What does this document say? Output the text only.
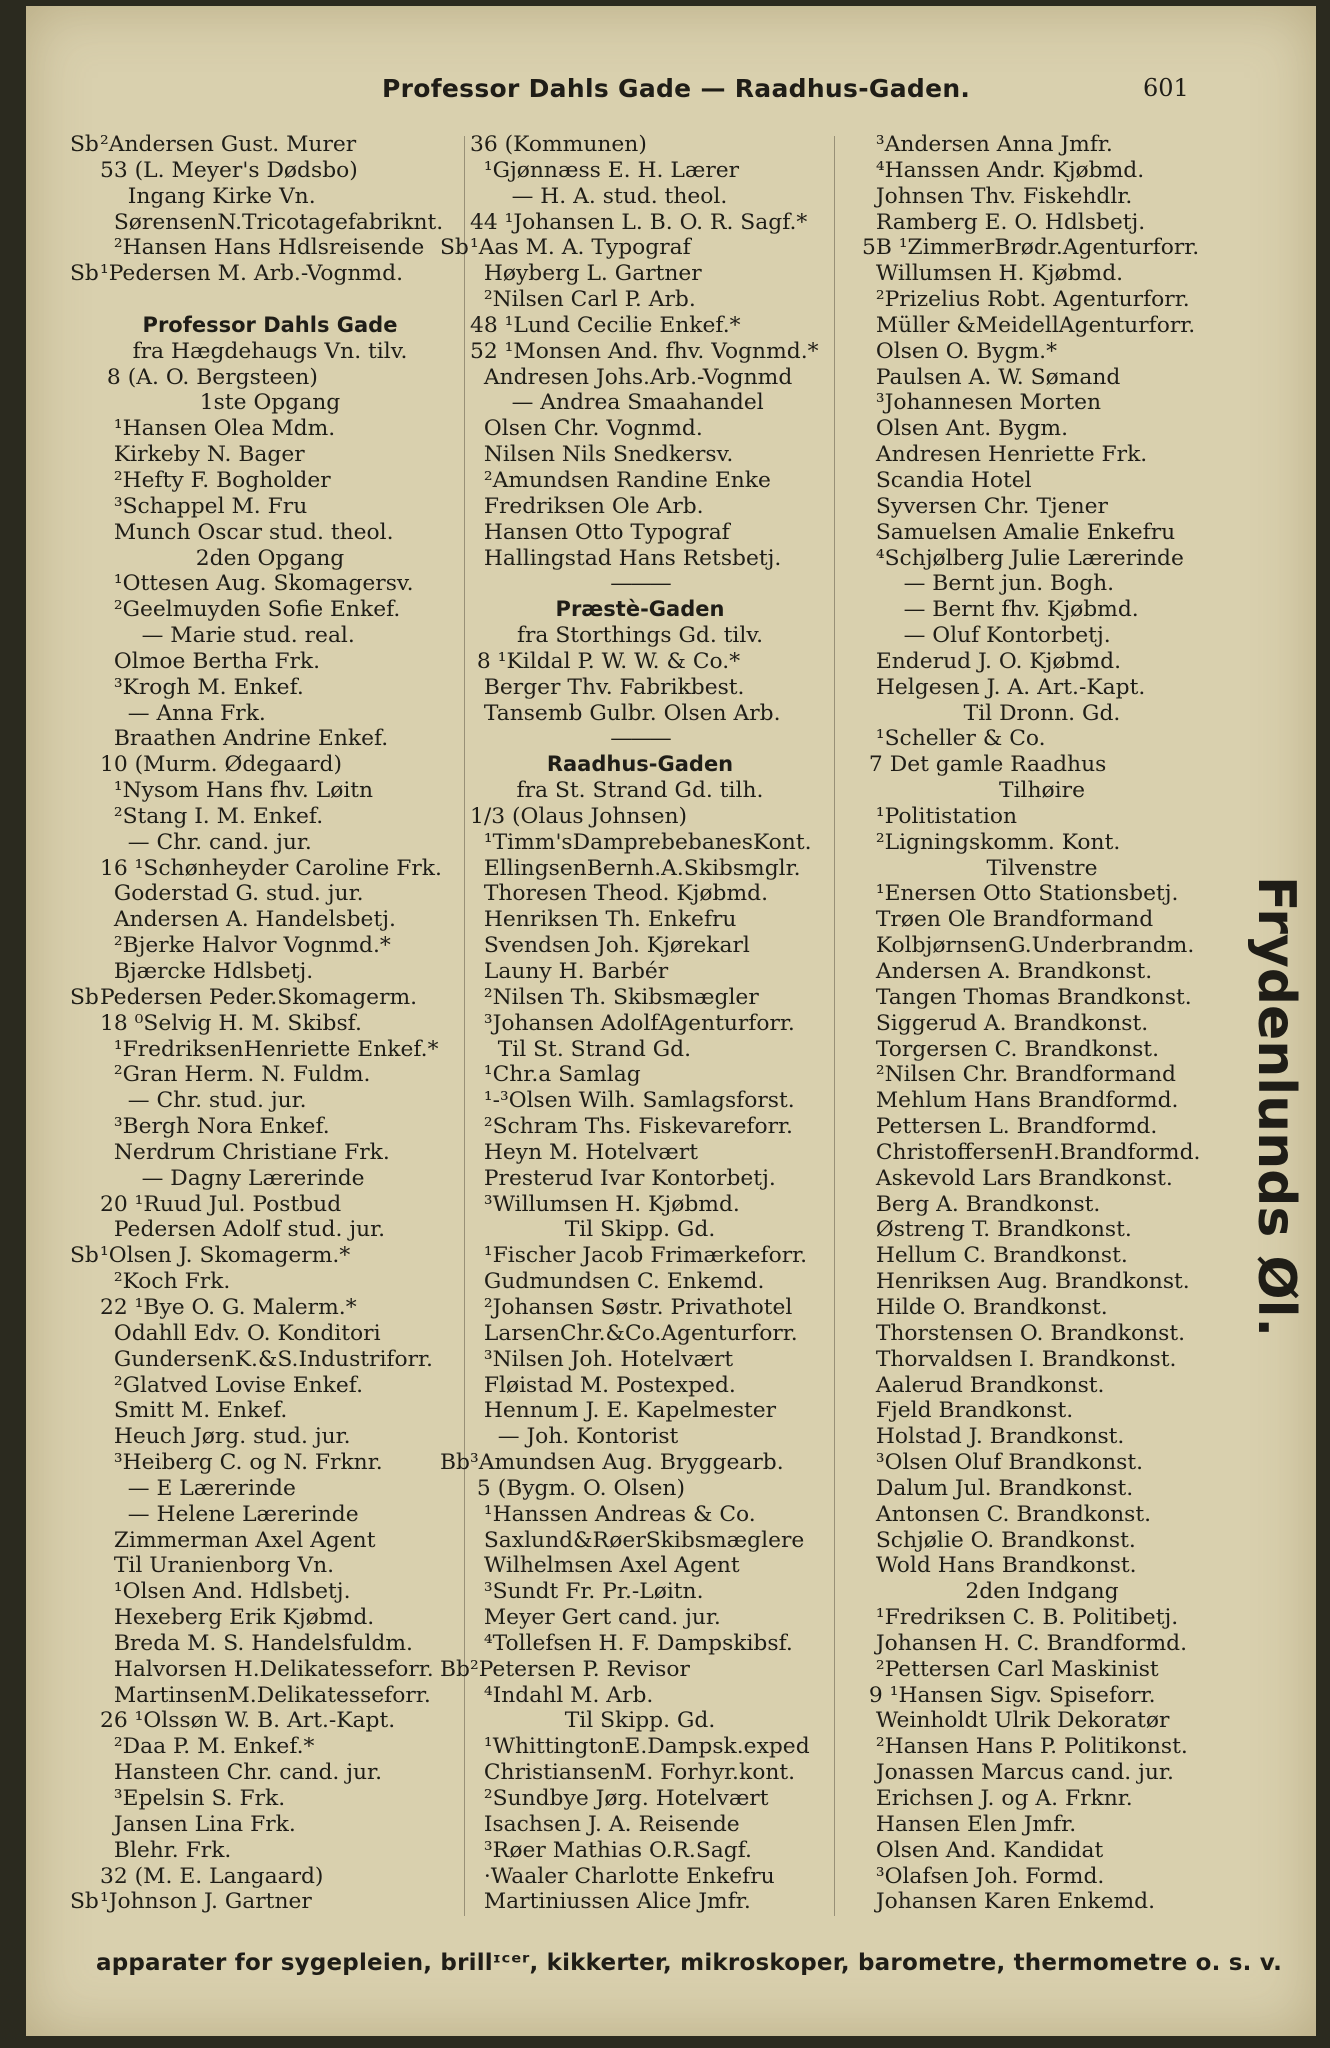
Professor Dahls Gade — Raadhus-Gaden.	601
Sb²Andersen Gust. Murer
53 (L. Meyer's Dødsbo)
Ingang Kirke Vn.
SørensenN.Tricotagefabriknt.
²Hansen Hans Hdlsreisende
Sb¹Pedersen M. Arb.-Vognmd.
Professor Dahls Gade
fra Hægdehaugs Vn. tilv.
8 (A. O. Bergsteen)
1ste Opgang
¹Hansen Olea Mdm.
Kirkeby N. Bager
²Hefty F. Bogholder
³Schappel M. Fru
Munch Oscar stud. theol.
2den Opgang
¹Ottesen Aug. Skomagersv.
²Geelmuyden Sofie Enkef.
— Marie stud. real.
Olmoe Bertha Frk.
³Krogh M. Enkef.
— Anna Frk.
Braathen Andrine Enkef.
10 (Murm. Ødegaard)
¹Nysom Hans fhv. Løitn
²Stang I. M. Enkef.
— Chr. cand. jur.
16 ¹Schønheyder Caroline Frk.
Goderstad G. stud. jur.
Andersen A. Handelsbetj.
²Bjerke Halvor Vognmd.*
Bjærcke Hdlsbetj.
SbPedersen Peder.Skomagerm.
18 ⁰Selvig H. M. Skibsf.
¹FredriksenHenriette Enkef.*
²Gran Herm. N. Fuldm.
— Chr. stud. jur.
³Bergh Nora Enkef.
Nerdrum Christiane Frk.
— Dagny Lærerinde
20 ¹Ruud Jul. Postbud
Pedersen Adolf stud. jur.
Sb¹Olsen J. Skomagerm.*
²Koch Frk.
22 ¹Bye O. G. Malerm.*
Odahll Edv. O. Konditori
GundersenK.&S.Industriforr.
²Glatved Lovise Enkef.
Smitt M. Enkef.
Heuch Jørg. stud. jur.
³Heiberg C. og N. Frknr.
— E Lærerinde
— Helene Lærerinde
Zimmerman Axel Agent
Til Uranienborg Vn.
¹Olsen And. Hdlsbetj.
Hexeberg Erik Kjøbmd.
Breda M. S. Handelsfuldm.
Halvorsen H.Delikatesseforr.
MartinsenM.Delikatesseforr.
26 ¹Olssøn W. B. Art.-Kapt.
²Daa P. M. Enkef.*
Hansteen Chr. cand. jur.
³Epelsin S. Frk.
Jansen Lina Frk.
Blehr. Frk.
32 (M. E. Langaard)
Sb¹Johnson J. Gartner
36 (Kommunen)
¹Gjønnæss E. H. Lærer
— H. A. stud. theol.
44 ¹Johansen L. B. O. R. Sagf.*
Sb¹Aas M. A. Typograf
Høyberg L. Gartner
²Nilsen Carl P. Arb.
48 ¹Lund Cecilie Enkef.*
52 ¹Monsen And. fhv. Vognmd.*
Andresen Johs.Arb.-Vognmd
— Andrea Smaahandel
Olsen Chr. Vognmd.
Nilsen Nils Snedkersv.
²Amundsen Randine Enke
Fredriksen Ole Arb.
Hansen Otto Typograf
Hallingstad Hans Retsbetj.
———
Præstè-Gaden
fra Storthings Gd. tilv.
8 ¹Kildal P. W. W. & Co.*
Berger Thv. Fabrikbest.
Tansemb Gulbr. Olsen Arb.
———
Raadhus-Gaden
fra St. Strand Gd. tilh.
1/3 (Olaus Johnsen)
¹Timm'sDamprebebanesKont.
EllingsenBernh.A.Skibsmglr.
Thoresen Theod. Kjøbmd.
Henriksen Th. Enkefru
Svendsen Joh. Kjørekarl
Launy H. Barbér
²Nilsen Th. Skibsmægler
³Johansen AdolfAgenturforr.
Til St. Strand Gd.
¹Chr.a Samlag
¹-³Olsen Wilh. Samlagsforst.
²Schram Ths. Fiskevareforr.
Heyn M. Hotelvært
Presterud Ivar Kontorbetj.
³Willumsen H. Kjøbmd.
Til Skipp. Gd.
¹Fischer Jacob Frimærkeforr.
Gudmundsen C. Enkemd.
²Johansen Søstr. Privathotel
LarsenChr.&Co.Agenturforr.
³Nilsen Joh. Hotelvært
Fløistad M. Postexped.
Hennum J. E. Kapelmester
— Joh. Kontorist
Bb³Amundsen Aug. Bryggearb.
5 (Bygm. O. Olsen)
¹Hanssen Andreas & Co.
Saxlund&RøerSkibsmæglere
Wilhelmsen Axel Agent
³Sundt Fr. Pr.-Løitn.
Meyer Gert cand. jur.
⁴Tollefsen H. F. Dampskibsf.
Bb²Petersen P. Revisor
⁴Indahl M. Arb.
Til Skipp. Gd.
¹WhittingtonE.Dampsk.exped
ChristiansenM. Forhyr.kont.
²Sundbye Jørg. Hotelvært
Isachsen J. A. Reisende
³Røer Mathias O.R.Sagf.
·Waaler Charlotte Enkefru
Martiniussen Alice Jmfr.
³Andersen Anna Jmfr.
⁴Hanssen Andr. Kjøbmd.
Johnsen Thv. Fiskehdlr.
Ramberg E. O. Hdlsbetj.
5B ¹ZimmerBrødr.Agenturforr.
Willumsen H. Kjøbmd.
²Prizelius Robt. Agenturforr.
Müller &MeidellAgenturforr.
Olsen O. Bygm.*
Paulsen A. W. Sømand
³Johannesen Morten
Olsen Ant. Bygm.
Andresen Henriette Frk.
Scandia Hotel
Syversen Chr. Tjener
Samuelsen Amalie Enkefru
⁴Schjølberg Julie Lærerinde
— Bernt jun. Bogh.
— Bernt fhv. Kjøbmd.
— Oluf Kontorbetj.
Enderud J. O. Kjøbmd.
Helgesen J. A. Art.-Kapt.
Til Dronn. Gd.
¹Scheller & Co.
7 Det gamle Raadhus
Tilhøire
¹Politistation
²Ligningskomm. Kont.
Tilvenstre
¹Enersen Otto Stationsbetj.
Trøen Ole Brandformand
KolbjørnsenG.Underbrandm.
Andersen A. Brandkonst.
Tangen Thomas Brandkonst.
Siggerud A. Brandkonst.
Torgersen C. Brandkonst.
²Nilsen Chr. Brandformand
Mehlum Hans Brandformd.
Pettersen L. Brandformd.
ChristoffersenH.Brandformd.
Askevold Lars Brandkonst.
Berg A. Brandkonst.
Østreng T. Brandkonst.
Hellum C. Brandkonst.
Henriksen Aug. Brandkonst.
Hilde O. Brandkonst.
Thorstensen O. Brandkonst.
Thorvaldsen I. Brandkonst.
Aalerud Brandkonst.
Fjeld Brandkonst.
Holstad J. Brandkonst.
³Olsen Oluf Brandkonst.
Dalum Jul. Brandkonst.
Antonsen C. Brandkonst.
Schjølie O. Brandkonst.
Wold Hans Brandkonst.
2den Indgang
¹Fredriksen C. B. Politibetj.
Johansen H. C. Brandformd.
²Pettersen Carl Maskinist
9 ¹Hansen Sigv. Spiseforr.
Weinholdt Ulrik Dekoratør
²Hansen Hans P. Politikonst.
Jonassen Marcus cand. jur.
Erichsen J. og A. Frknr.
Hansen Elen Jmfr.
Olsen And. Kandidat
³Olafsen Joh. Formd.
Johansen Karen Enkemd.
Frydenlunds Øl.
apparater for sygepleien, brill⁠ᶦᶜᵉʳ, kikkerter, mikroskoper, barometre, thermometre o. s. v.
